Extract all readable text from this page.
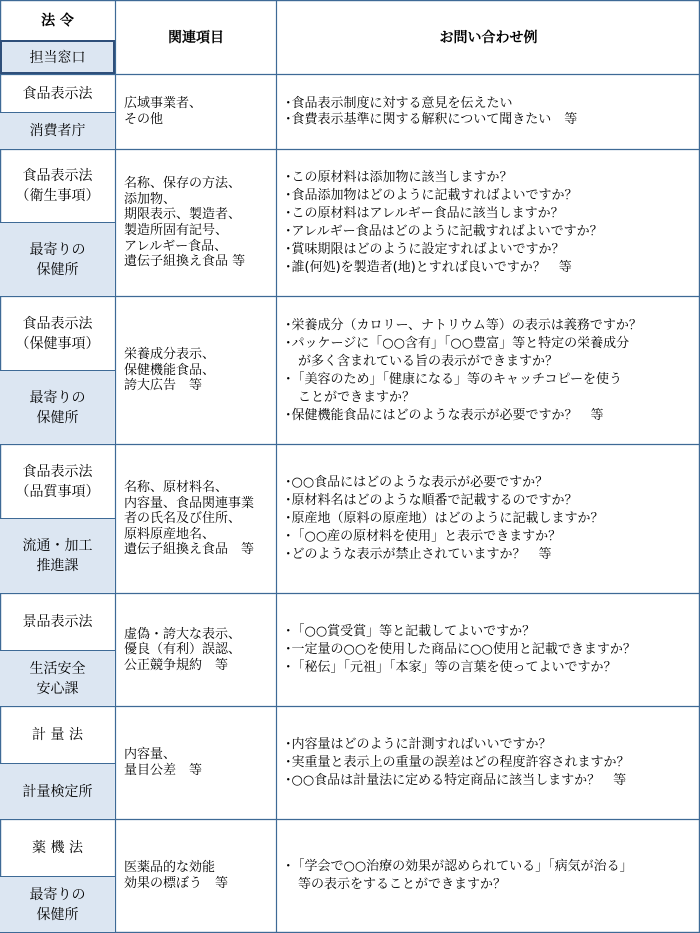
法 令
担当窓口
関連項目	お問い合わせ例
食品表示法
消費者庁
広域事業者、
その他
･食品表示制度に対する意見を伝えたい
･食費表示基準に関する解釈について聞きたい　等
食品表示法
（衛生事項）
最寄りの
保健所
名称、保存の方法、
添加物、
期限表示、製造者、
製造所固有記号、
アレルギー食品、
遺伝子組換え食品 等
･この原材料は添加物に該当しますか？
･食品添加物はどのように記載すればよいですか？
･この原材料はアレルギー食品に該当しますか？
･アレルギー食品はどのように記載すればよいですか？
･賞味期限はどのように設定すればよいですか？
･誰(何処)を製造者(地)とすれば良いですか？　等
食品表示法
（保健事項）
最寄りの
保健所
栄養成分表示、
保健機能食品、
誇大広告　等
･栄養成分（カロリー、ナトリウム等）の表示は義務ですか？
･パッケージに「○○含有」「○○豊富」等と特定の栄養成分
　が多く含まれている旨の表示ができますか？
･「美容のため」「健康になる」等のキャッチコピーを使う
　ことができますか？
･保健機能食品にはどのような表示が必要ですか？　等
食品表示法
（品質事項）
流通・加工
推進課
名称、原材料名、
内容量、食品関連事業
者の氏名及び住所、
原料原産地名、
遺伝子組換え食品　等
･○○食品にはどのような表示が必要ですか？
･原材料名はどのような順番で記載するのですか？
･原産地（原料の原産地）はどのように記載しますか？
･「○○産の原材料を使用」と表示できますか？
･どのような表示が禁止されていますか？　等
景品表示法
生活安全
安心課
虚偽・誇大な表示、
優良（有利）誤認、
公正競争規約　等
･「○○賞受賞」等と記載してよいですか？
･一定量の○○を使用した商品に○○使用と記載できますか？
･「秘伝」「元祖」「本家」等の言葉を使ってよいですか？
計 量 法
計量検定所
内容量、
量目公差　等
･内容量はどのように計測すればいいですか？
･実重量と表示上の重量の誤差はどの程度許容されますか？
･○○食品は計量法に定める特定商品に該当しますか？　等
薬 機 法
最寄りの
保健所
医薬品的な効能
効果の標ぼう　等
･「学会で○○治療の効果が認められている」「病気が治る」
　等の表示をすることができますか？
